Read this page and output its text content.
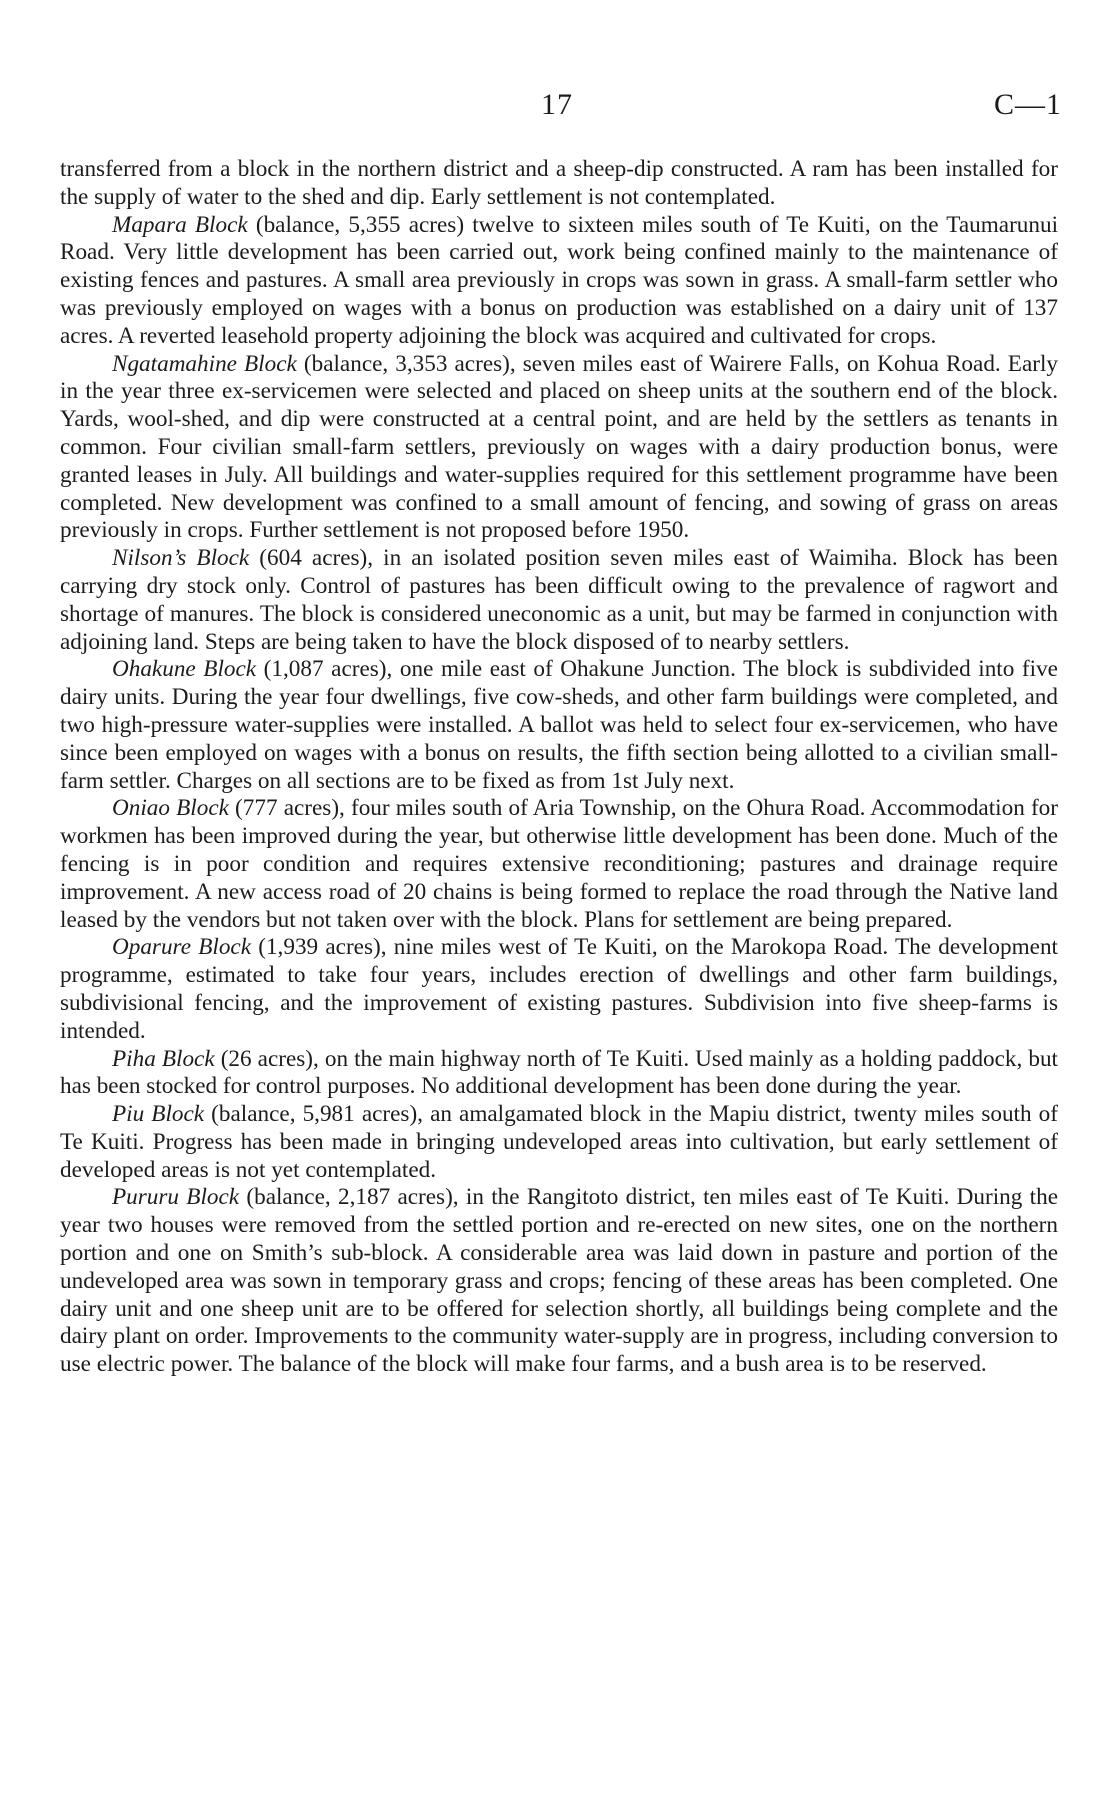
17	C—1

transferred from a block in the northern district and a sheep-dip constructed. A ram has been installed for the supply of water to the shed and dip. Early settlement is not contemplated.

Mapara Block (balance, 5,355 acres) twelve to sixteen miles south of Te Kuiti, on the Taumarunui Road. Very little development has been carried out, work being confined mainly to the maintenance of existing fences and pastures. A small area previously in crops was sown in grass. A small-farm settler who was previously employed on wages with a bonus on production was established on a dairy unit of 137 acres. A reverted leasehold property adjoining the block was acquired and cultivated for crops.

Ngatamahine Block (balance, 3,353 acres), seven miles east of Wairere Falls, on Kohua Road. Early in the year three ex-servicemen were selected and placed on sheep units at the southern end of the block. Yards, wool-shed, and dip were constructed at a central point, and are held by the settlers as tenants in common. Four civilian small-farm settlers, previously on wages with a dairy production bonus, were granted leases in July. All buildings and water-supplies required for this settlement programme have been completed. New development was confined to a small amount of fencing, and sowing of grass on areas previously in crops. Further settlement is not proposed before 1950.

Nilson’s Block (604 acres), in an isolated position seven miles east of Waimiha. Block has been carrying dry stock only. Control of pastures has been difficult owing to the prevalence of ragwort and shortage of manures. The block is considered uneconomic as a unit, but may be farmed in conjunction with adjoining land. Steps are being taken to have the block disposed of to nearby settlers.

Ohakune Block (1,087 acres), one mile east of Ohakune Junction. The block is subdivided into five dairy units. During the year four dwellings, five cow-sheds, and other farm buildings were completed, and two high-pressure water-supplies were installed. A ballot was held to select four ex-servicemen, who have since been employed on wages with a bonus on results, the fifth section being allotted to a civilian small-farm settler. Charges on all sections are to be fixed as from 1st July next.

Oniao Block (777 acres), four miles south of Aria Township, on the Ohura Road. Accommodation for workmen has been improved during the year, but otherwise little development has been done. Much of the fencing is in poor condition and requires extensive reconditioning; pastures and drainage require improvement. A new access road of 20 chains is being formed to replace the road through the Native land leased by the vendors but not taken over with the block. Plans for settlement are being prepared.

Oparure Block (1,939 acres), nine miles west of Te Kuiti, on the Marokopa Road. The development programme, estimated to take four years, includes erection of dwellings and other farm buildings, subdivisional fencing, and the improvement of existing pastures. Subdivision into five sheep-farms is intended.

Piha Block (26 acres), on the main highway north of Te Kuiti. Used mainly as a holding paddock, but has been stocked for control purposes. No additional development has been done during the year.

Piu Block (balance, 5,981 acres), an amalgamated block in the Mapiu district, twenty miles south of Te Kuiti. Progress has been made in bringing undeveloped areas into cultivation, but early settlement of developed areas is not yet contemplated.

Pururu Block (balance, 2,187 acres), in the Rangitoto district, ten miles east of Te Kuiti. During the year two houses were removed from the settled portion and re-erected on new sites, one on the northern portion and one on Smith’s sub-block. A considerable area was laid down in pasture and portion of the undeveloped area was sown in temporary grass and crops; fencing of these areas has been completed. One dairy unit and one sheep unit are to be offered for selection shortly, all buildings being complete and the dairy plant on order. Improvements to the community water-supply are in progress, including conversion to use electric power. The balance of the block will make four farms, and a bush area is to be reserved.
